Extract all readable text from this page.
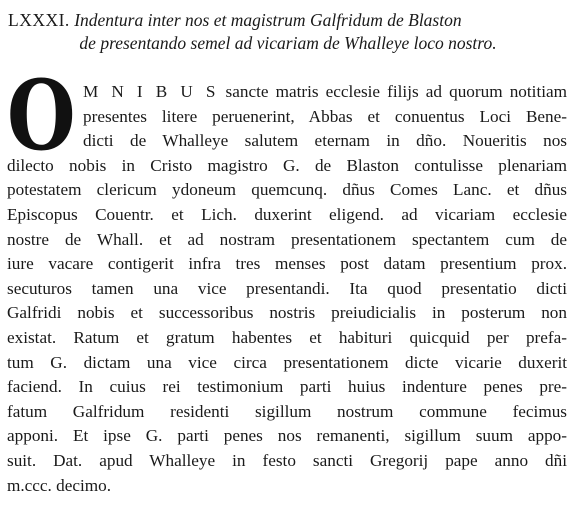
LXXXI. Indentura inter nos et magistrum Galfridum de Blaston
de presentando semel ad vicariam de Whalleye loco nostro.
O M N I B U S sancte matris ecclesie filijs ad quorum notitiam
presentes litere peruenerint, Abbas et conuentus Loci Bene-
dicti de Whalleye salutem eternam in dño. Noueritis nos
dilecto nobis in Cristo magistro G. de Blaston contulisse plenariam
potestatem clericum ydoneum quemcunq. dñus Comes Lanc. et dñus
Episcopus Couentr. et Lich. duxerint eligend. ad vicariam ecclesie
nostre de Whall. et ad nostram presentationem spectantem cum de
iure vacare contigerit infra tres menses post datam presentium prox.
secuturos tamen una vice presentandi. Ita quod presentatio dicti
Galfridi nobis et successoribus nostris preiudicialis in posterum non
existat. Ratum et gratum habentes et habituri quicquid per prefa-
tum G. dictam una vice circa presentationem dicte vicarie duxerit
faciend. In cuius rei testimonium parti huius indenture penes pre-
fatum Galfridum residenti sigillum nostrum commune fecimus
apponi. Et ipse G. parti penes nos remanenti, sigillum suum appo-
suit. Dat. apud Whalleye in festo sancti Gregorij pape anno dñi
m.ccc. decimo.
